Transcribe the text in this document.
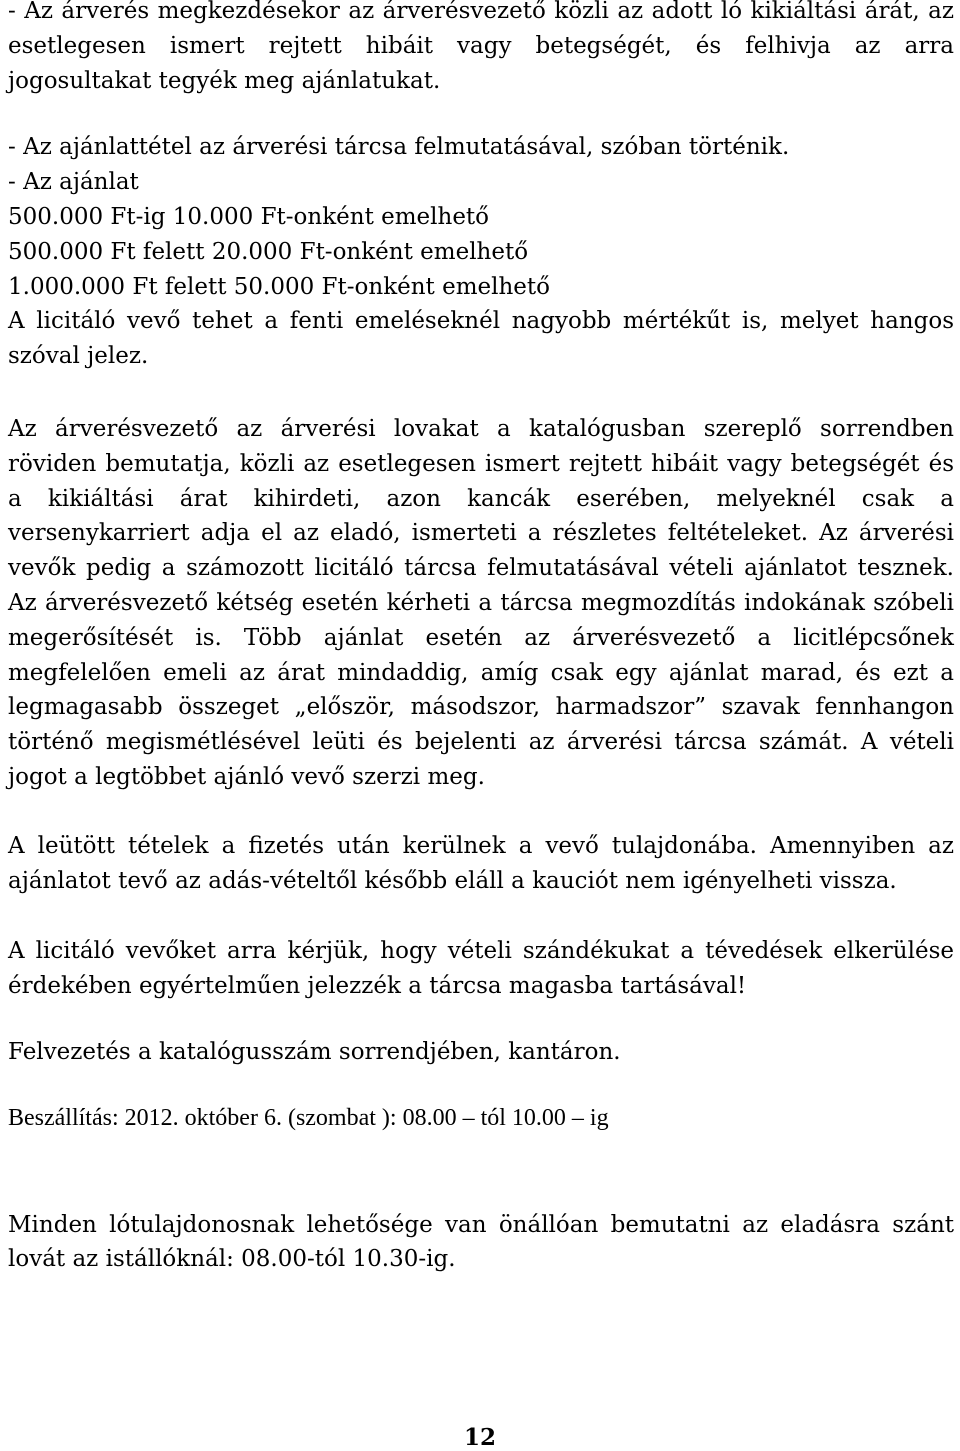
- Az árverés megkezdésekor az árverésvezető közli az adott ló kikiáltási árát, az esetlegesen ismert rejtett hibáit vagy betegségét, és felhivja az arra jogosultakat tegyék meg ajánlatukat.

- Az ajánlattétel az árverési tárcsa felmutatásával, szóban történik.

- Az ajánlat

500.000 Ft-ig 10.000 Ft-onként emelhető

500.000 Ft felett 20.000 Ft-onként emelhető

1.000.000 Ft felett 50.000 Ft-onként emelhető

A licitáló vevő tehet a fenti emeléseknél nagyobb mértékűt is, melyet hangos szóval jelez.

Az árverésvezető az árverési lovakat a katalógusban szereplő sorrendben röviden bemutatja, közli az esetlegesen ismert rejtett hibáit vagy betegségét és a kikiáltási árat kihirdeti, azon kancák eserében, melyeknél csak a versenykarriert adja el az eladó, ismerteti a részletes feltételeket. Az árverési vevők pedig a számozott licitáló tárcsa felmutatásával vételi ajánlatot tesznek. Az árverésvezető kétség esetén kérheti a tárcsa megmozdítás indokának szóbeli megerősítését is. Több ajánlat esetén az árverésvezető a licitlépcsőnek megfelelően emeli az árat mindaddig, amíg csak egy ajánlat marad, és ezt a legmagasabb összeget „először, másodszor, harmadszor” szavak fennhangon történő megismétlésével leüti és bejelenti az árverési tárcsa számát. A vételi jogot a legtöbbet ajánló vevő szerzi meg.

A leütött tételek a fizetés után kerülnek a vevő tulajdonába. Amennyiben az ajánlatot tevő az adás-vételtől később eláll a kauciót nem igényelheti vissza.

A licitáló vevőket arra kérjük, hogy vételi szándékukat a tévedések elkerülése érdekében egyértelműen jelezzék a tárcsa magasba tartásával!

Felvezetés a katalógusszám sorrendjében, kantáron.

Beszállítás: 2012. október 6. (szombat ): 08.00 – tól 10.00 – ig

Minden lótulajdonosnak lehetősége van önállóan bemutatni az eladásra szánt lovát az istállóknál: 08.00-tól 10.30-ig.

12
